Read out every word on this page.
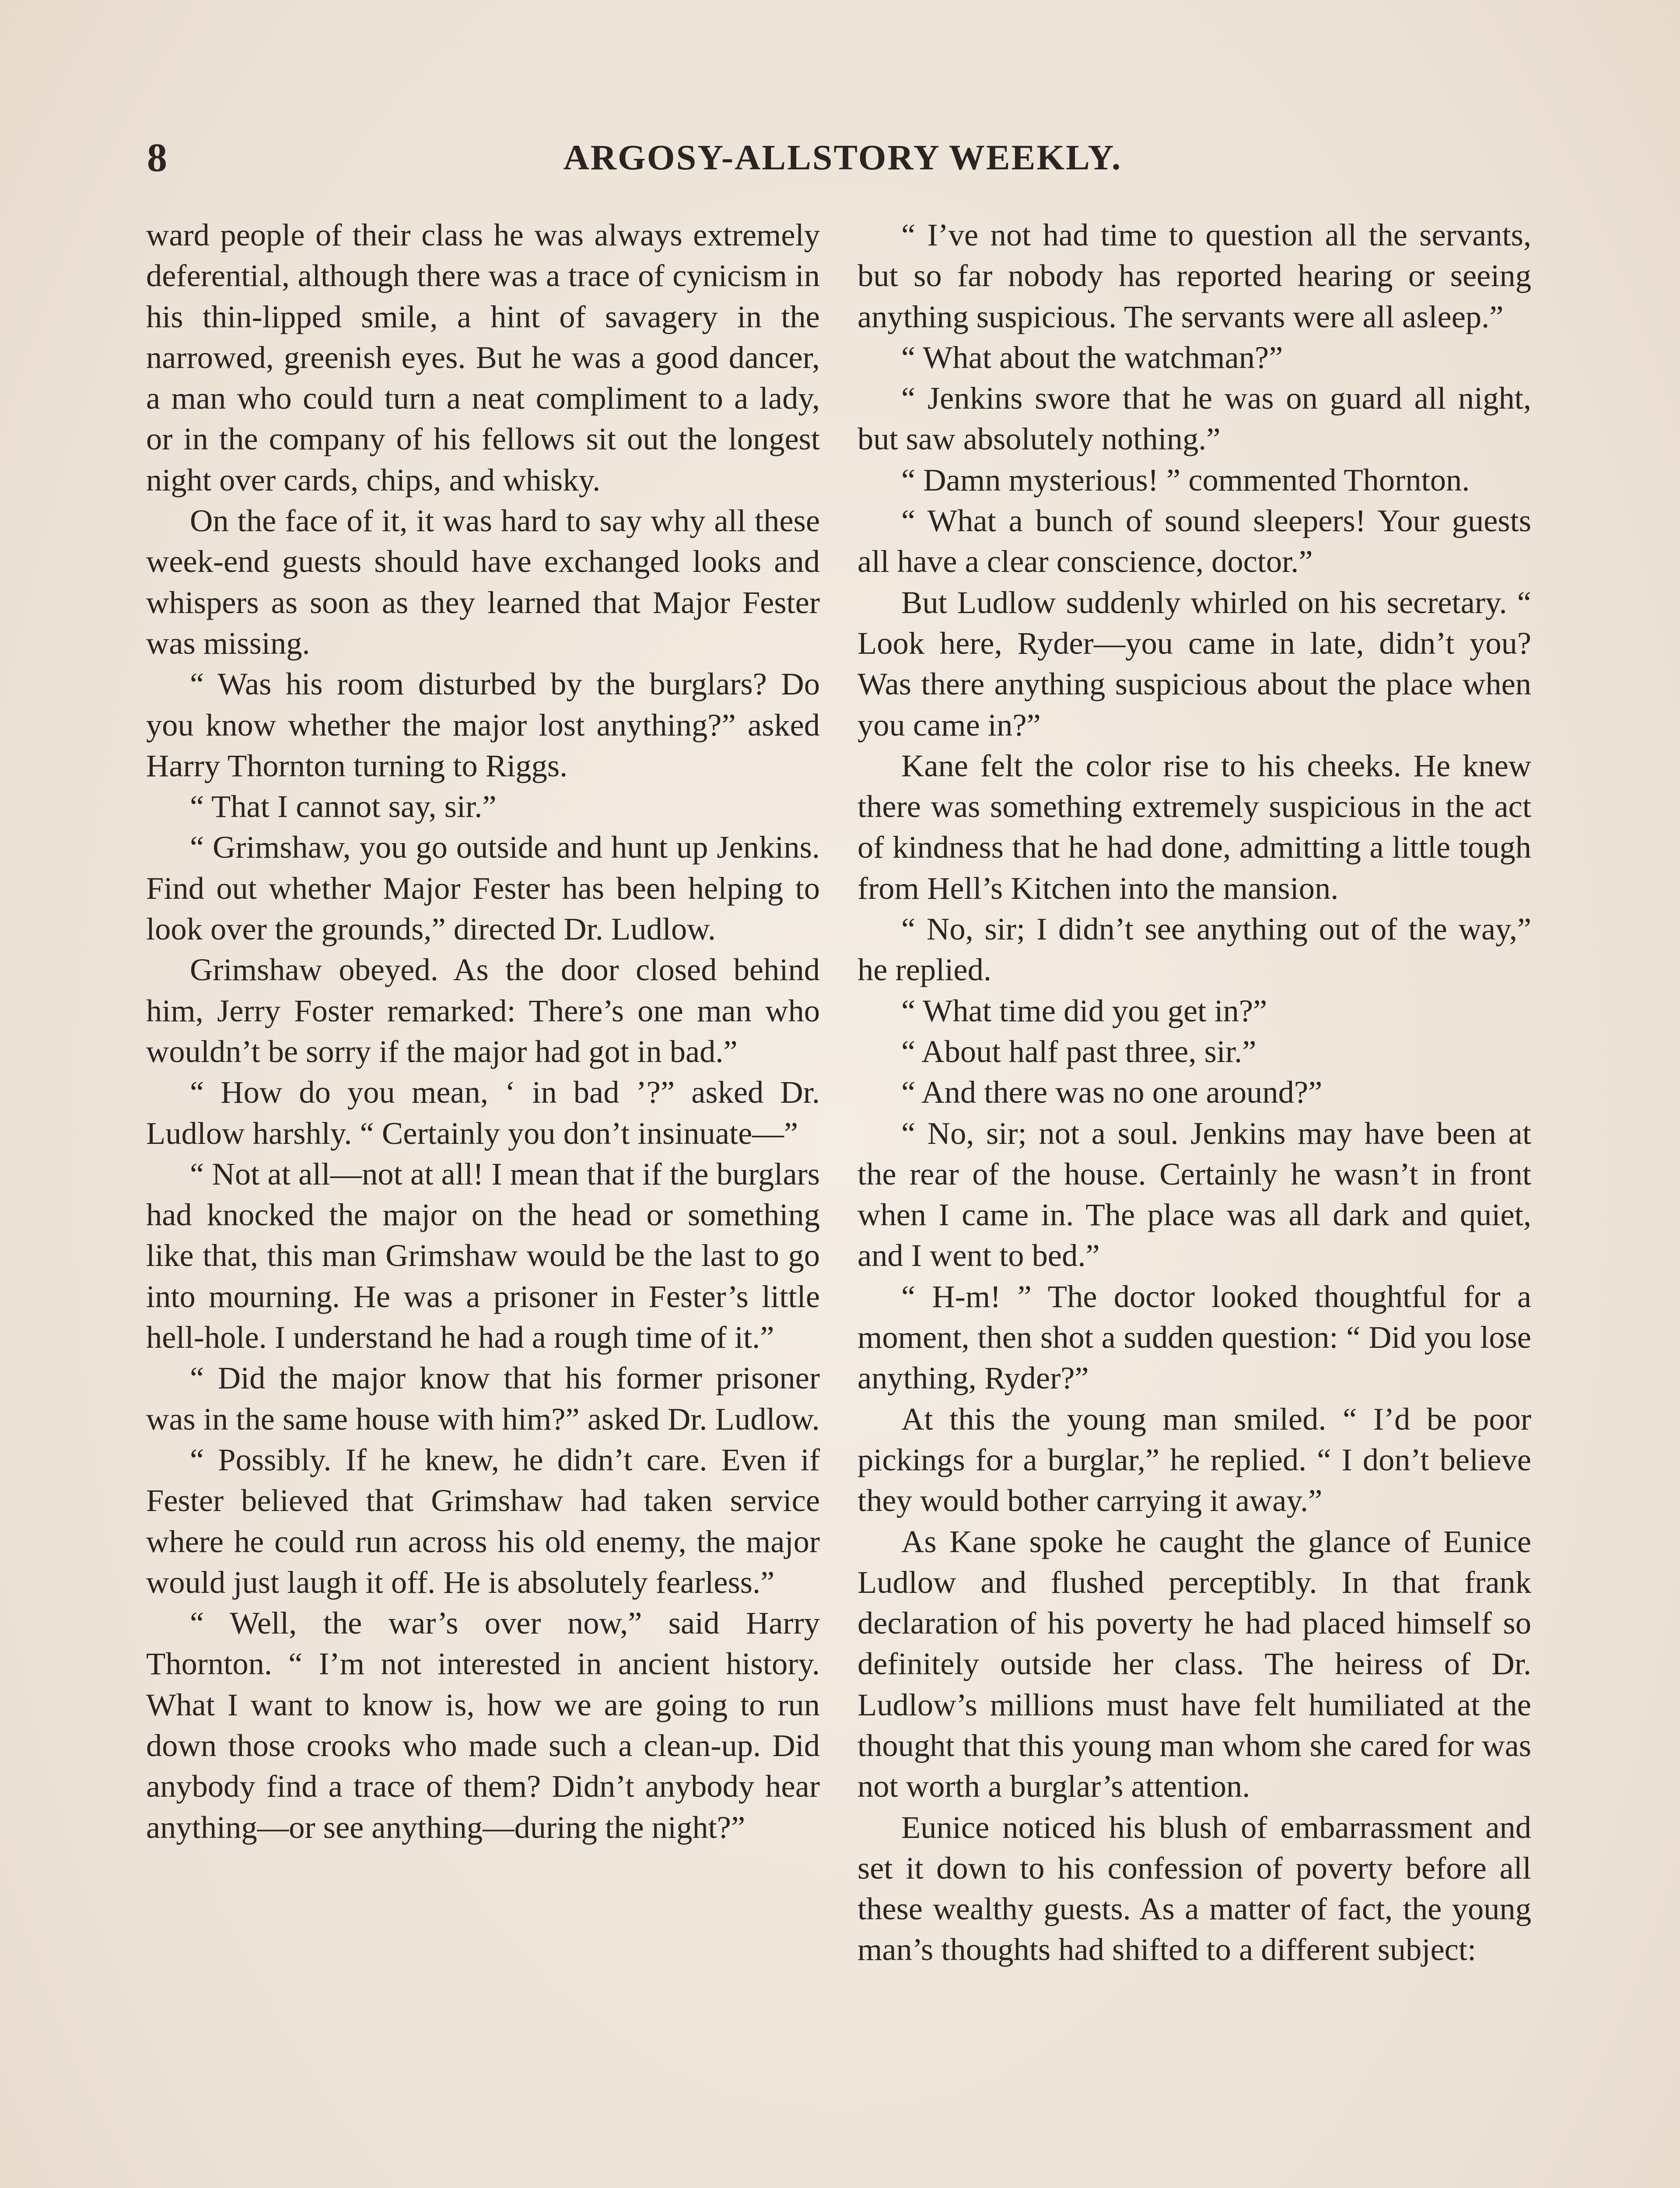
8	ARGOSY-ALLSTORY WEEKLY.

ward people of their class he was always extremely deferential, although there was a trace of cynicism in his thin-lipped smile, a hint of savagery in the narrowed, greenish eyes. But he was a good dancer, a man who could turn a neat compliment to a lady, or in the company of his fellows sit out the longest night over cards, chips, and whisky.

On the face of it, it was hard to say why all these week-end guests should have exchanged looks and whispers as soon as they learned that Major Fester was missing.

“ Was his room disturbed by the burglars? Do you know whether the major lost anything?” asked Harry Thornton turning to Riggs.

“ That I cannot say, sir.”

“ Grimshaw, you go outside and hunt up Jenkins. Find out whether Major Fester has been helping to look over the grounds,” directed Dr. Ludlow.

Grimshaw obeyed. As the door closed behind him, Jerry Foster remarked: There’s one man who wouldn’t be sorry if the major had got in bad.”

“ How do you mean, ‘ in bad ’?” asked Dr. Ludlow harshly. “ Certainly you don’t insinuate—”

“ Not at all—not at all! I mean that if the burglars had knocked the major on the head or something like that, this man Grimshaw would be the last to go into mourning. He was a prisoner in Fester’s little hell-hole. I understand he had a rough time of it.”

“ Did the major know that his former prisoner was in the same house with him?” asked Dr. Ludlow.

“ Possibly. If he knew, he didn’t care. Even if Fester believed that Grimshaw had taken service where he could run across his old enemy, the major would just laugh it off. He is absolutely fearless.”

“ Well, the war’s over now,” said Harry Thornton. “ I’m not interested in ancient history. What I want to know is, how we are going to run down those crooks who made such a clean-up. Did anybody find a trace of them? Didn’t anybody hear anything—or see anything—during the night?”

“ I’ve not had time to question all the servants, but so far nobody has reported hearing or seeing anything suspicious. The servants were all asleep.”

“ What about the watchman?”

“ Jenkins swore that he was on guard all night, but saw absolutely nothing.”

“ Damn mysterious! ” commented Thornton.

“ What a bunch of sound sleepers! Your guests all have a clear conscience, doctor.”

But Ludlow suddenly whirled on his secretary. “ Look here, Ryder—you came in late, didn’t you? Was there anything suspicious about the place when you came in?”

Kane felt the color rise to his cheeks. He knew there was something extremely suspicious in the act of kindness that he had done, admitting a little tough from Hell’s Kitchen into the mansion.

“ No, sir; I didn’t see anything out of the way,” he replied.

“ What time did you get in?”

“ About half past three, sir.”

“ And there was no one around?”

“ No, sir; not a soul. Jenkins may have been at the rear of the house. Certainly he wasn’t in front when I came in. The place was all dark and quiet, and I went to bed.”

“ H-m! ” The doctor looked thoughtful for a moment, then shot a sudden question: “ Did you lose anything, Ryder?”

At this the young man smiled. “ I’d be poor pickings for a burglar,” he replied. “ I don’t believe they would bother carrying it away.”

As Kane spoke he caught the glance of Eunice Ludlow and flushed perceptibly. In that frank declaration of his poverty he had placed himself so definitely outside her class. The heiress of Dr. Ludlow’s millions must have felt humiliated at the thought that this young man whom she cared for was not worth a burglar’s attention.

Eunice noticed his blush of embarrassment and set it down to his confession of poverty before all these wealthy guests. As a matter of fact, the young man’s thoughts had shifted to a different subject:
